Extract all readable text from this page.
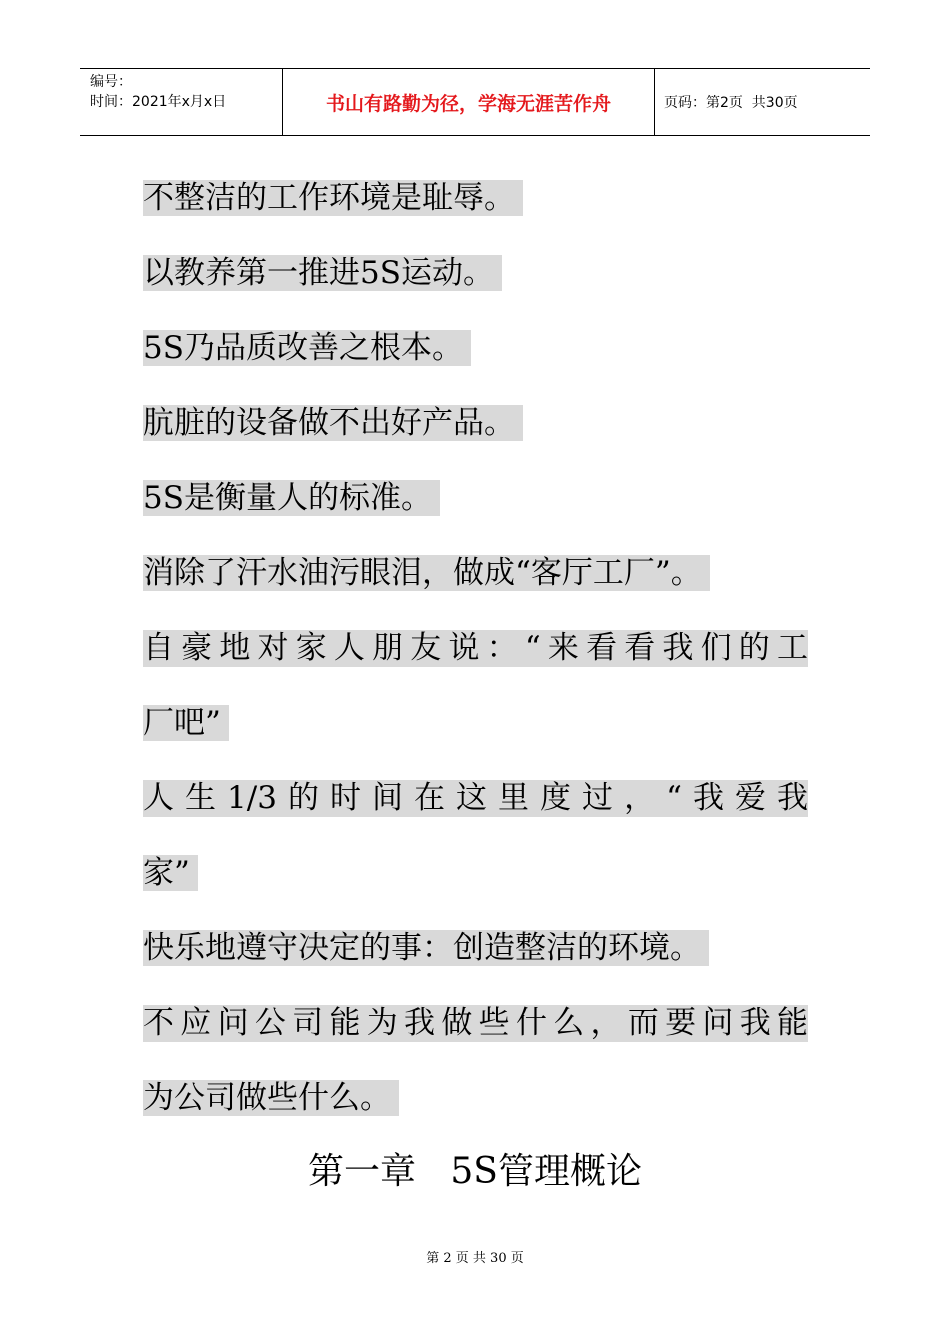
编号：
时间：2021年x月x日	书山有路勤为径，学海无涯苦作舟	页码：第2页  共30页
不整洁的工作环境是耻辱。
以教养第一推进5S运动。
5S乃品质改善之根本。
肮脏的设备做不出好产品。
5S是衡量人的标准。
消除了汗水油污眼泪，做成“客厅工厂”。
自豪地对家人朋友说：“来看看我们的工
厂吧”
人生1/3的时间在这里度过，“我爱我
家”
快乐地遵守决定的事：创造整洁的环境。
不应问公司能为我做些什么，而要问我能
为公司做些什么。
第一章   5S管理概论
第 2 页 共 30 页
